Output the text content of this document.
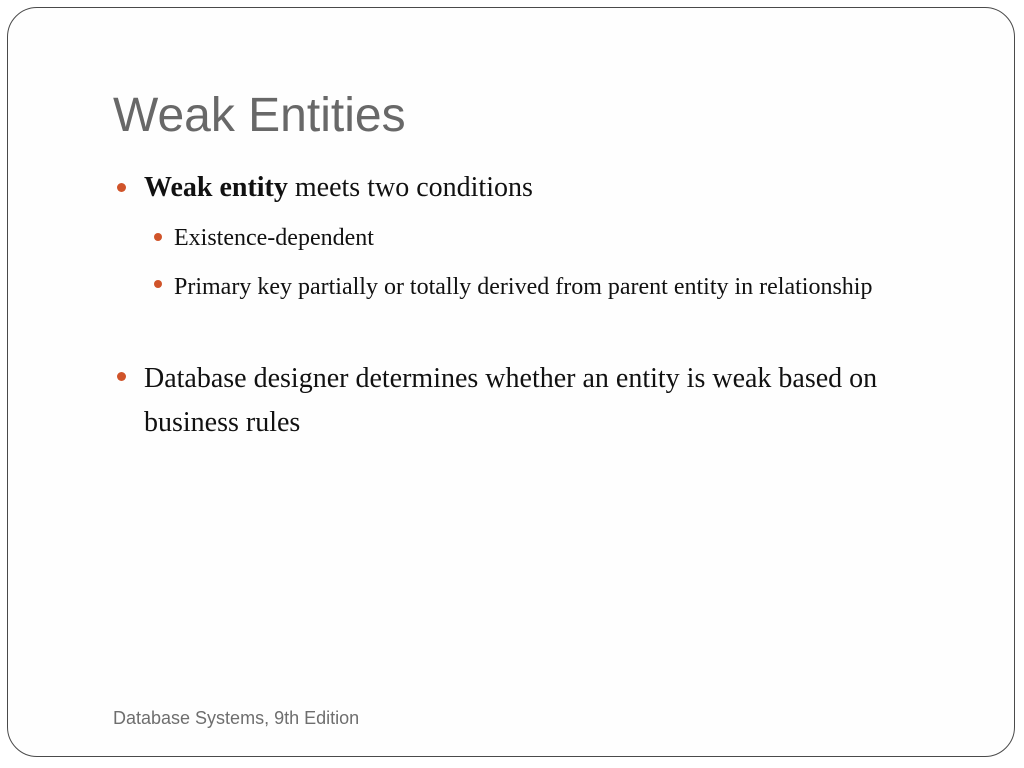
Weak Entities
Weak entity meets two conditions
Existence-dependent
Primary key partially or totally derived from parent entity in relationship
Database designer determines whether an entity is weak based on business rules
Database Systems, 9th Edition
